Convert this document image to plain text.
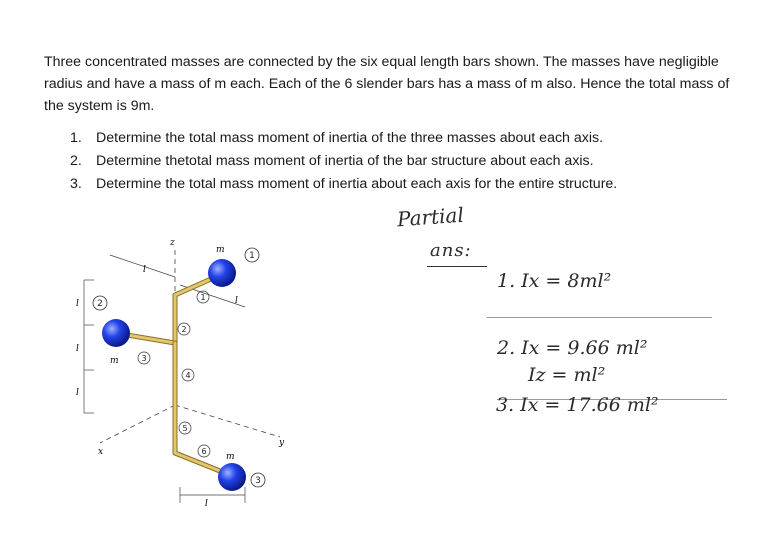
Three concentrated masses are connected by the six equal length bars shown. The masses have negligible radius and have a mass of m each. Each of the 6 slender bars has a mass of m also. Hence the total mass of the system is 9m.

1. Determine the total mass moment of inertia of the three masses about each axis.
2. Determine thetotal mass moment of inertia of the bar structure about each axis.
3. Determine the total mass moment of inertia about each axis for the entire structure.
z
x
y
l
l
l
l
l
l
m
m
m
1
2
3
1
2
3
4
5
6
Partial
ans:
1. Ix = 8ml²
2. Ix = 9.66 ml²
Iz = ml²
3. Ix = 17.66 ml²
